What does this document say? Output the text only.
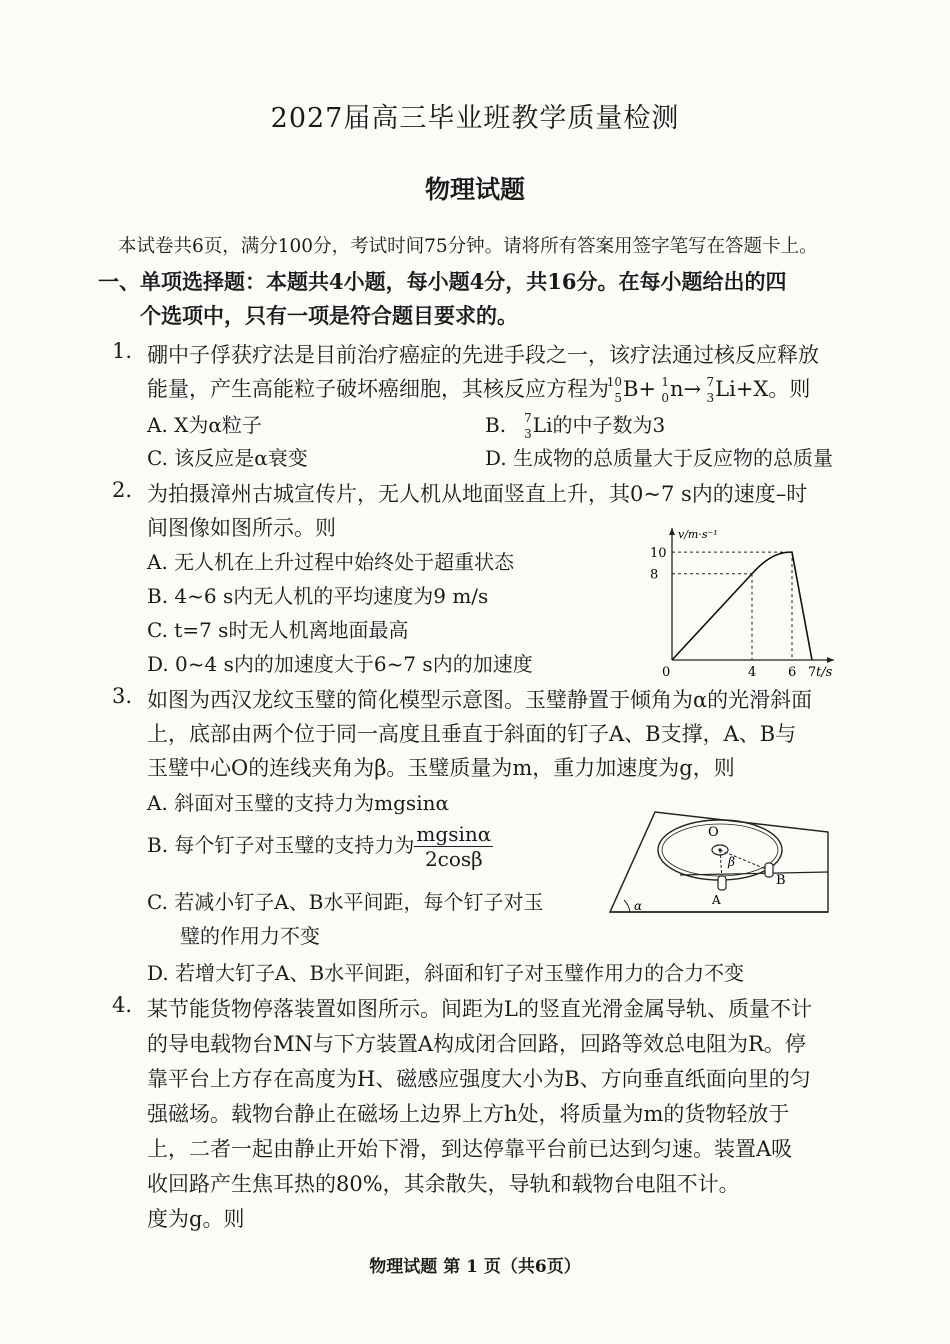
2027届高三毕业班教学质量检测
物理试题
本试卷共6页，满分100分，考试时间75分钟。请将所有答案用签字笔写在答题卡上。
一、单项选择题：本题共4小题，每小题4分，共16分。在每小题给出的四
个选项中，只有一项是符合题目要求的。
1. 硼中子俘获疗法是目前治疗癌症的先进手段之一，该疗法通过核反应释放
能量，产生高能粒子破坏癌细胞，其核反应方程为
10
5 B+ 1
0 n→ 7
3 Li+X。则
A. X为α粒子	B. 7
3 Li的中子数为3
C. 该反应是α衰变	D. 生成物的总质量大于反应物的总质量
2. 为拍摄漳州古城宣传片，无人机从地面竖直上升，其0~7 s内的速度–时
间图像如图所示。则
A. 无人机在上升过程中始终处于超重状态
B. 4~6 s内无人机的平均速度为9 m/s
C. t=7 s时无人机离地面最高
D. 0~4 s内的加速度大于6~7 s内的加速度	0	4 6 7
8
10
v/m·s⁻¹
t/s
3. 如图为西汉龙纹玉璧的简化模型示意图。玉璧静置于倾角为α的光滑斜面
上，底部由两个位于同一高度且垂直于斜面的钉子A、B支撑，A、B与
玉璧中心O的连线夹角为β。玉璧质量为m，重力加速度为g，则
A. 斜面对玉璧的支持力为mgsinα
B. 每个钉子对玉璧的支持力为 $\frac{mgsin\alpha}{2\cos\beta}$
C. 若减小钉子A、B水平间距，每个钉子对玉
璧的作用力不变
D. 若增大钉子A、B水平间距，斜面和钉子对玉璧作用力的合力不变
O
β
A
B
α
4. 某节能货物停落装置如图所示。间距为L的竖直光滑金属导轨、质量不计
的导电载物台MN与下方装置A构成闭合回路，回路等效总电阻为R。停
靠平台上方存在高度为H、磁感应强度大小为B、方向垂直纸面向里的匀
强磁场。载物台静止在磁场上边界上方h处，将质量为m的货物轻放于
上，二者一起由静止开始下滑，到达停靠平台前已达到匀速。装置A吸
收回路产生焦耳热的80%，其余散失，导轨和载物台电阻不计。
度为g。则
物理试题 第 1 页（共6页）
